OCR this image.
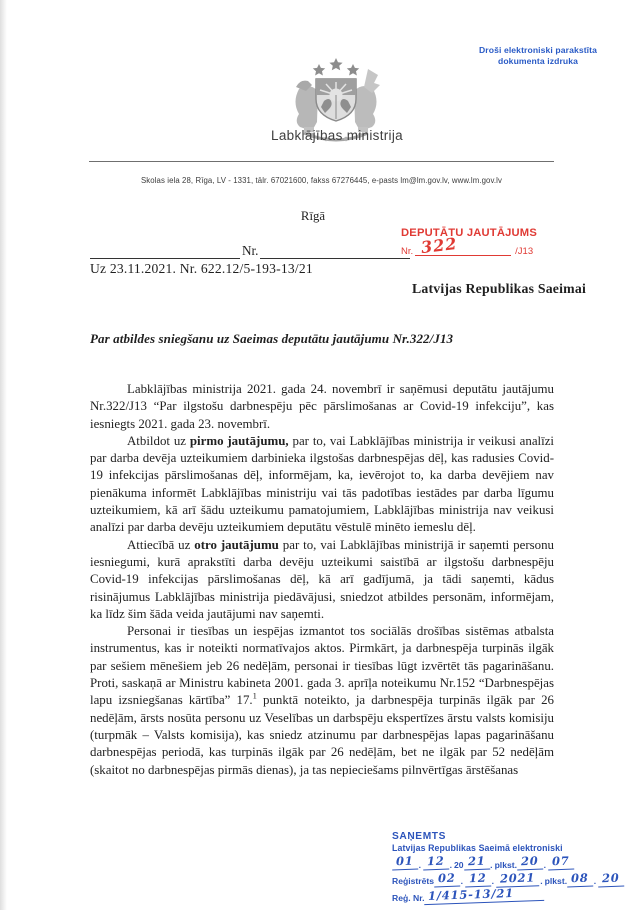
Droši elektroniski parakstīta
dokumenta izdruka
Labklājības ministrija
Skolas iela 28, Rīga, LV - 1331, tālr. 67021600, fakss 67276445, e-pasts lm@lm.gov.lv, www.lm.gov.lv
Rīgā
DEPUTĀTU JAUTĀJUMS
Nr.	/J13
322
Nr.
Uz 23.11.2021. Nr. 622.12/5-193-13/21
Latvijas Republikas Saeimai
Par atbildes sniegšanu uz Saeimas deputātu jautājumu Nr.322/J13

Labklājības ministrija 2021. gada 24. novembrī ir saņēmusi deputātu jautājumu Nr.322/J13 “Par ilgstošu darbnespēju pēc pārslimošanas ar Covid-19 infekciju”, kas iesniegts 2021. gada 23. novembrī.

Atbildot uz pirmo jautājumu, par to, vai Labklājības ministrija ir veikusi analīzi par darba devēja uzteikumiem darbinieka ilgstošas darbnespējas dēļ, kas radusies Covid-19 infekcijas pārslimošanas dēļ, informējam, ka, ievērojot to, ka darba devējiem nav pienākuma informēt Labklājības ministriju vai tās padotības iestādes par darba līgumu uzteikumiem, kā arī šādu uzteikumu pamatojumiem, Labklājības ministrija nav veikusi analīzi par darba devēju uzteikumiem deputātu vēstulē minēto iemeslu dēļ.

Attiecībā uz otro jautājumu par to, vai Labklājības ministrijā ir saņemti personu iesniegumi, kurā aprakstīti darba devēju uzteikumi saistībā ar ilgstošu darbnespēju Covid-19 infekcijas pārslimošanas dēļ, kā arī gadījumā, ja tādi saņemti, kādus risinājumus Labklājības ministrija piedāvājusi, sniedzot atbildes personām, informējam, ka līdz šim šāda veida jautājumi nav saņemti.

Personai ir tiesības un iespējas izmantot tos sociālās drošības sistēmas atbalsta instrumentus, kas ir noteikti normatīvajos aktos. Pirmkārt, ja darbnespēja turpinās ilgāk par sešiem mēnešiem jeb 26 nedēļām, personai ir tiesības lūgt izvērtēt tās pagarināšanu. Proti, saskaņā ar Ministru kabineta 2001. gada 3. aprīļa noteikumu Nr.152 “Darbnespējas lapu izsniegšanas kārtība” 17.$^1$ punktā noteikto, ja darbnespēja turpinās ilgāk par 26 nedēļām, ārsts nosūta personu uz Veselības un darbspēju ekspertīzes ārstu valsts komisiju (turpmāk – Valsts komisija), kas sniedz atzinumu par darbnespējas lapas pagarināšanu darbnespējas periodā, kas turpinās ilgāk par 26 nedēļām, bet ne ilgāk par 52 nedēļām (skaitot no darbnespējas pirmās dienas), ja tas nepieciešams pilnvērtīgas ārstēšanas

SAŅEMTS
Latvijas Republikas Saeimā elektroniski
01 . 12 . 20 21 . plkst. 20 . 07
Reģistrēts 02 . 12 . 2021 . plkst. 08 . 20
Reģ. Nr. 1/415-13/21
